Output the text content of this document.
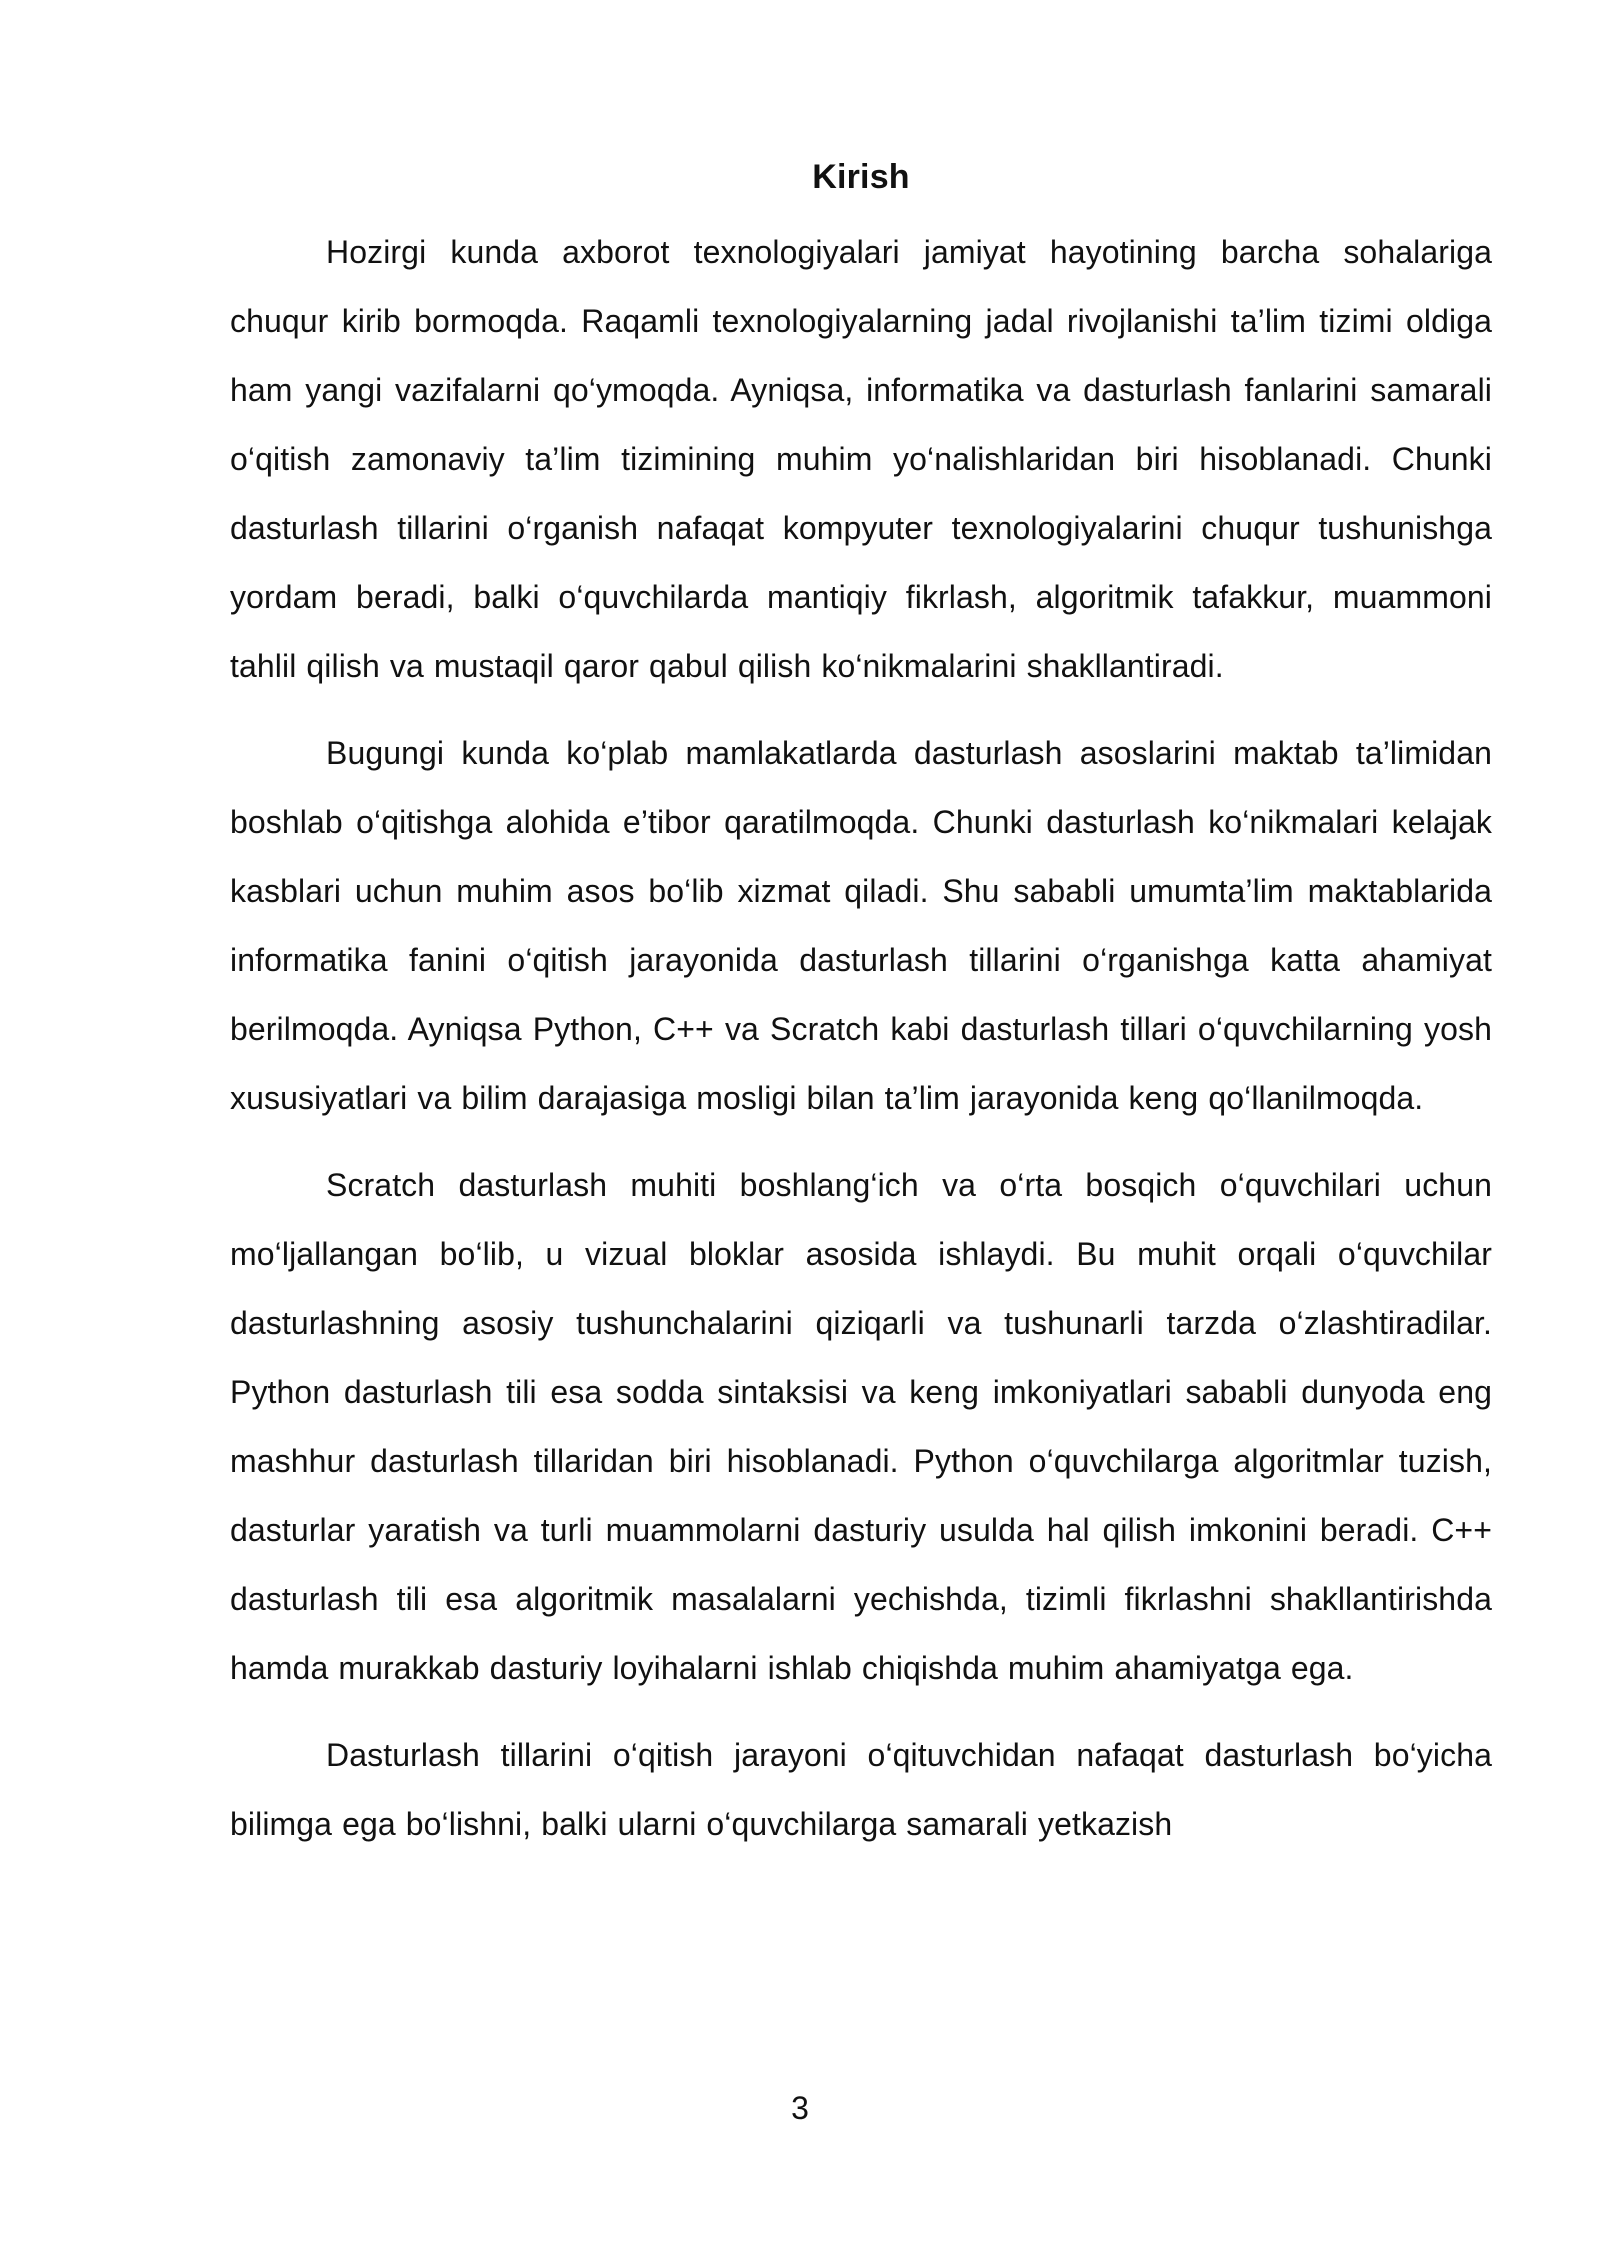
Kirish

Hozirgi kunda axborot texnologiyalari jamiyat hayotining barcha sohalariga chuqur kirib bormoqda. Raqamli texnologiyalarning jadal rivojlanishi ta’lim tizimi oldiga ham yangi vazifalarni qo‘ymoqda. Ayniqsa, informatika va dasturlash fanlarini samarali o‘qitish zamonaviy ta’lim tizimining muhim yo‘nalishlaridan biri hisoblanadi. Chunki dasturlash tillarini o‘rganish nafaqat kompyuter texnologiyalarini chuqur tushunishga yordam beradi, balki o‘quvchilarda mantiqiy fikrlash, algoritmik tafakkur, muammoni tahlil qilish va mustaqil qaror qabul qilish ko‘nikmalarini shakllantiradi.

Bugungi kunda ko‘plab mamlakatlarda dasturlash asoslarini maktab ta’limidan boshlab o‘qitishga alohida e’tibor qaratilmoqda. Chunki dasturlash ko‘nikmalari kelajak kasblari uchun muhim asos bo‘lib xizmat qiladi. Shu sababli umumta’lim maktablarida informatika fanini o‘qitish jarayonida dasturlash tillarini o‘rganishga katta ahamiyat berilmoqda. Ayniqsa Python, C++ va Scratch kabi dasturlash tillari o‘quvchilarning yosh xususiyatlari va bilim darajasiga mosligi bilan ta’lim jarayonida keng qo‘llanilmoqda.

Scratch dasturlash muhiti boshlang‘ich va o‘rta bosqich o‘quvchilari uchun mo‘ljallangan bo‘lib, u vizual bloklar asosida ishlaydi. Bu muhit orqali o‘quvchilar dasturlashning asosiy tushunchalarini qiziqarli va tushunarli tarzda o‘zlashtiradilar. Python dasturlash tili esa sodda sintaksisi va keng imkoniyatlari sababli dunyoda eng mashhur dasturlash tillaridan biri hisoblanadi. Python o‘quvchilarga algoritmlar tuzish, dasturlar yaratish va turli muammolarni dasturiy usulda hal qilish imkonini beradi. C++ dasturlash tili esa algoritmik masalalarni yechishda, tizimli fikrlashni shakllantirishda hamda murakkab dasturiy loyihalarni ishlab chiqishda muhim ahamiyatga ega.

Dasturlash tillarini o‘qitish jarayoni o‘qituvchidan nafaqat dasturlash bo‘yicha bilimga ega bo‘lishni, balki ularni o‘quvchilarga samarali yetkazish

3
